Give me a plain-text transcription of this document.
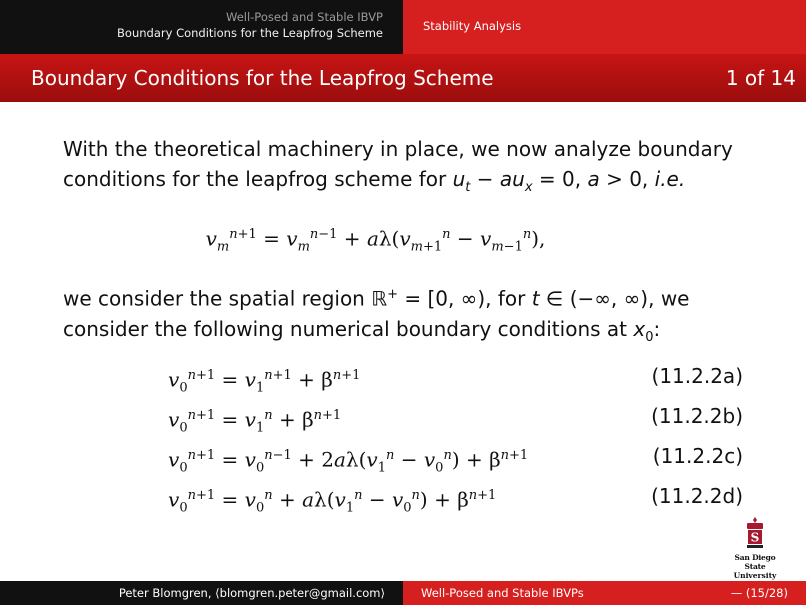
Well-Posed and Stable IBVP
Boundary Conditions for the Leapfrog Scheme	Stability Analysis
Boundary Conditions for the Leapfrog Scheme	1 of 14

With the theoretical machinery in place, we now analyze boundary conditions for the leapfrog scheme for $u_t - au_x = 0$, a > 0, i.e.

$v_m^{n+1} = v_m^{n-1} + a\lambda(v_{m+1}^n - v_{m-1}^n)$,

we consider the spatial region ℝ+ = [0, ∞), for t ∈ (−∞, ∞), we consider the following numerical boundary conditions at $x_0$:

$v_0^{n+1} = v_1^{n+1} + \beta^{n+1}$	(11.2.2a)
$v_0^{n+1} = v_1^n + \beta^{n+1}$	(11.2.2b)
$v_0^{n+1} = v_0^{n-1} + 2a\lambda(v_1^n - v_0^n) + \beta^{n+1}$	(11.2.2c)
$v_0^{n+1} = v_0^n + a\lambda(v_1^n - v_0^n) + \beta^{n+1}$	(11.2.2d)
S
San Diego State
University
Peter Blomgren, ⟨blomgren.peter@gmail.com⟩	Well-Posed and Stable IBVPs	— (15/28)
